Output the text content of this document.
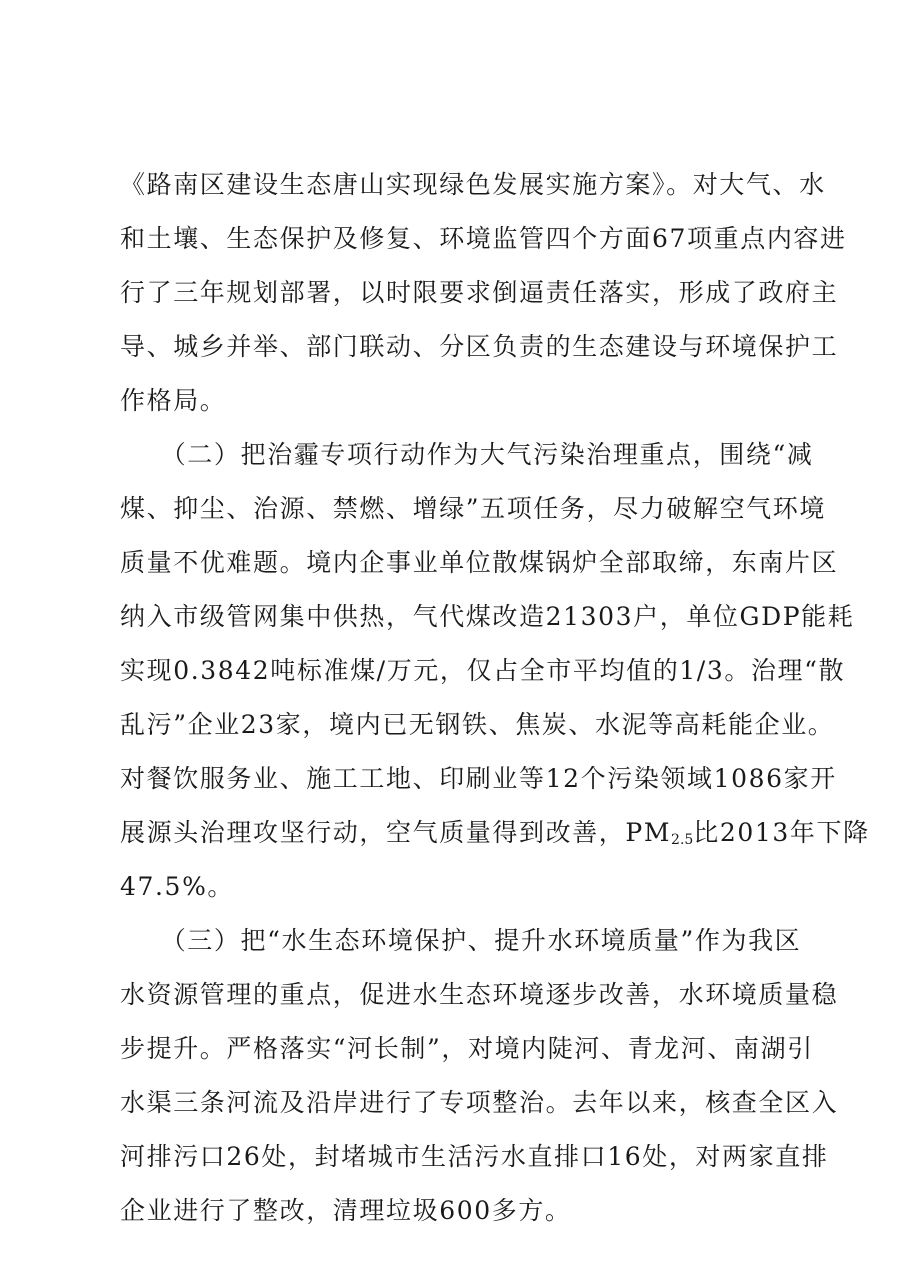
《路南区建设生态唐山实现绿色发展实施方案》。对大气、水
和土壤、生态保护及修复、环境监管四个方面67项重点内容进
行了三年规划部署，以时限要求倒逼责任落实，形成了政府主
导、城乡并举、部门联动、分区负责的生态建设与环境保护工
作格局。
　　（二）把治霾专项行动作为大气污染治理重点，围绕“减
煤、抑尘、治源、禁燃、增绿”五项任务，尽力破解空气环境
质量不优难题。境内企事业单位散煤锅炉全部取缔，东南片区
纳入市级管网集中供热，气代煤改造21303户，单位GDP能耗
实现0.3842吨标准煤/万元，仅占全市平均值的1/3。治理“散
乱污”企业23家，境内已无钢铁、焦炭、水泥等高耗能企业。
对餐饮服务业、施工工地、印刷业等12个污染领域1086家开
展源头治理攻坚行动，空气质量得到改善，$PM_{2.5}$比2013年下降
47.5%。
　　（三）把“水生态环境保护、提升水环境质量”作为我区
水资源管理的重点，促进水生态环境逐步改善，水环境质量稳
步提升。严格落实“河长制”，对境内陡河、青龙河、南湖引
水渠三条河流及沿岸进行了专项整治。去年以来，核查全区入
河排污口26处，封堵城市生活污水直排口16处，对两家直排
企业进行了整改，清理垃圾600多方。
